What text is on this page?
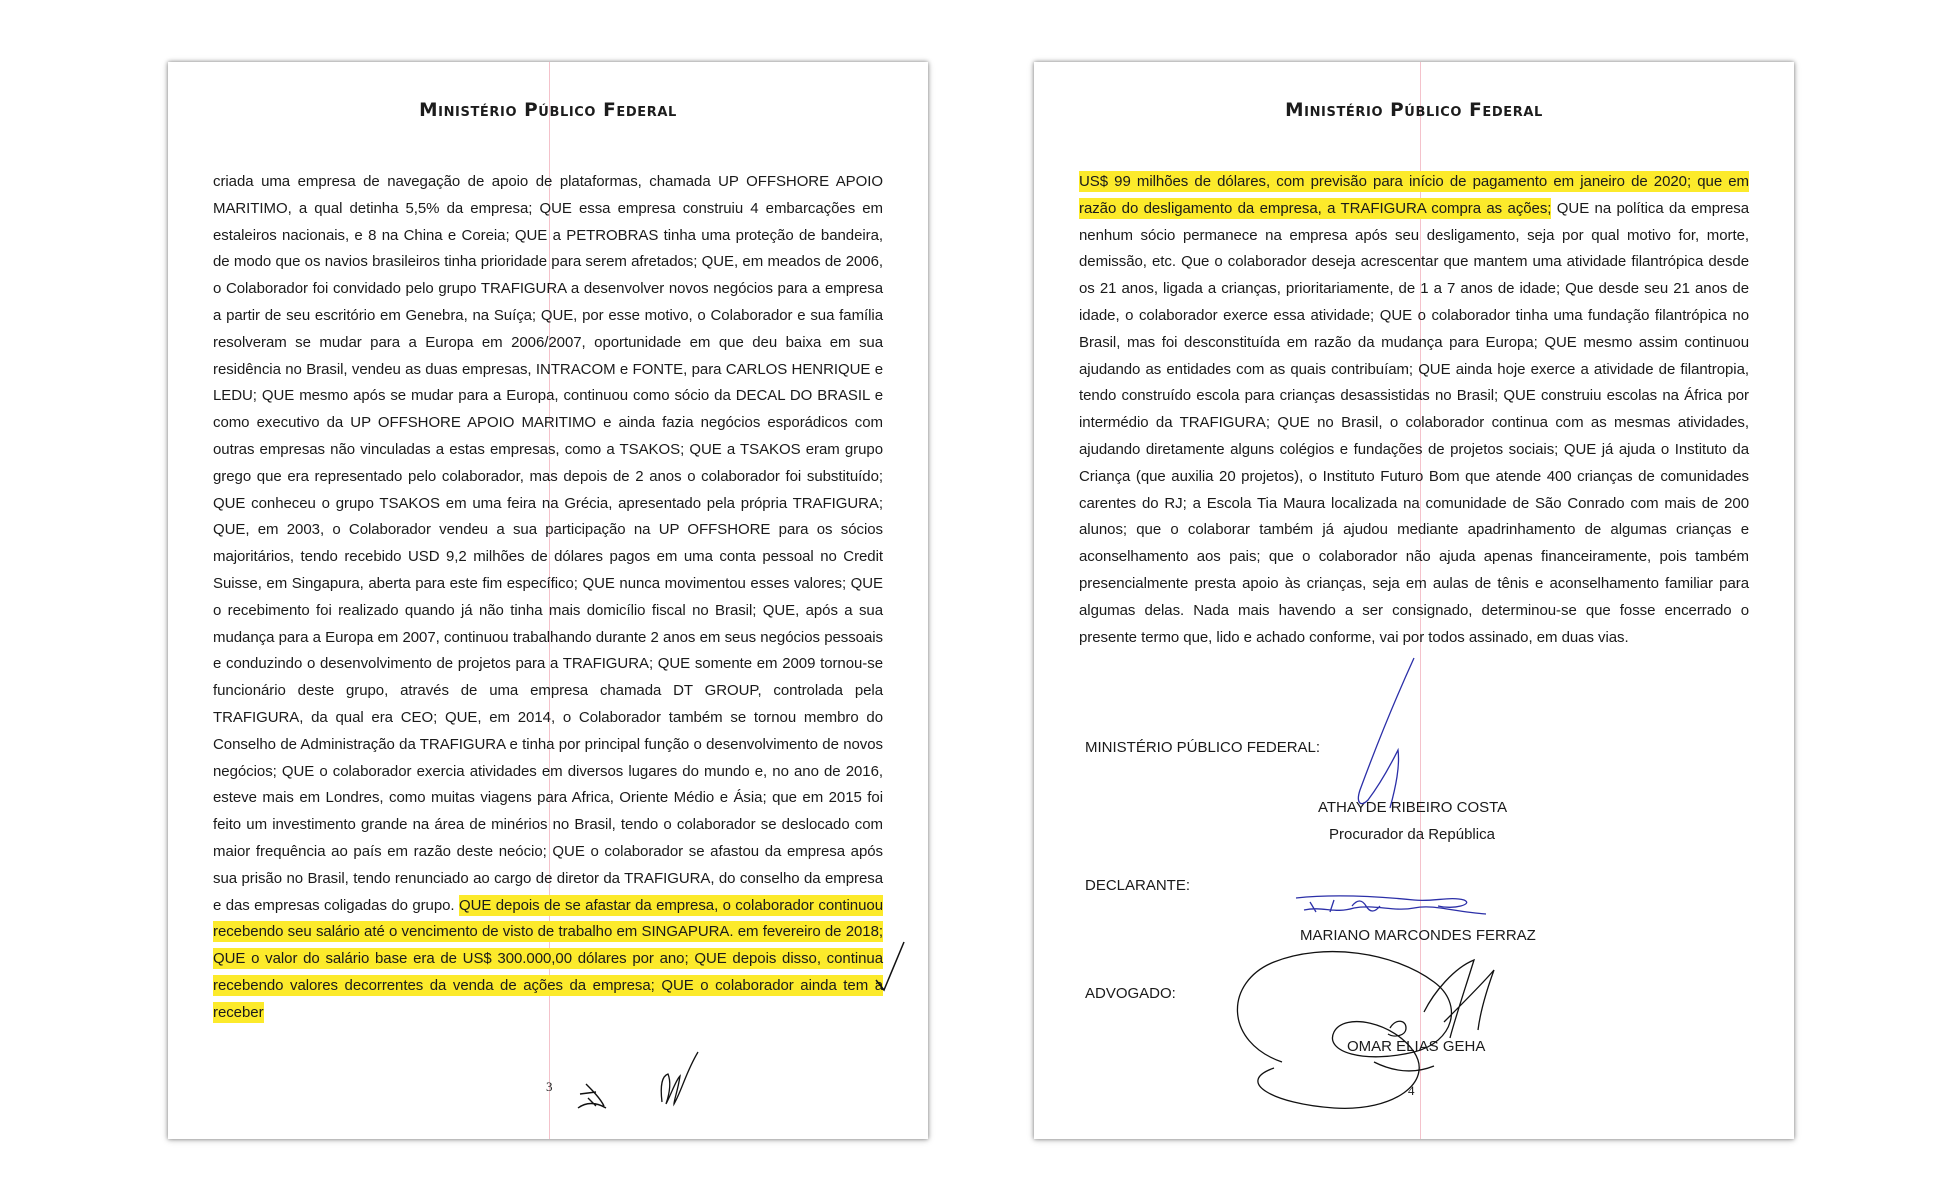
Ministério Público Federal

criada uma empresa de navegação de apoio de plataformas, chamada UP OFFSHORE APOIO MARITIMO, a qual detinha 5,5% da empresa; QUE essa empresa construiu 4 embarcações em estaleiros nacionais, e 8 na China e Coreia; QUE a PETROBRAS tinha uma proteção de bandeira, de modo que os navios brasileiros tinha prioridade para serem afretados; QUE, em meados de 2006, o Colaborador foi convidado pelo grupo TRAFIGURA a desenvolver novos negócios para a empresa a partir de seu escritório em Genebra, na Suíça; QUE, por esse motivo, o Colaborador e sua família resolveram se mudar para a Europa em 2006/2007, oportunidade em que deu baixa em sua residência no Brasil, vendeu as duas empresas, INTRACOM e FONTE, para CARLOS HENRIQUE e LEDU; QUE mesmo após se mudar para a Europa, continuou como sócio da DECAL DO BRASIL e como executivo da UP OFFSHORE APOIO MARITIMO e ainda fazia negócios esporádicos com outras empresas não vinculadas a estas empresas, como a TSAKOS; QUE a TSAKOS eram grupo grego que era representado pelo colaborador, mas depois de 2 anos o colaborador foi substituído; QUE conheceu o grupo TSAKOS em uma feira na Grécia, apresentado pela própria TRAFIGURA; QUE, em 2003, o Colaborador vendeu a sua participação na UP OFFSHORE para os sócios majoritários, tendo recebido USD 9,2 milhões de dólares pagos em uma conta pessoal no Credit Suisse, em Singapura, aberta para este fim específico; QUE nunca movimentou esses valores; QUE o recebimento foi realizado quando já não tinha mais domicílio fiscal no Brasil; QUE, após a sua mudança para a Europa em 2007, continuou trabalhando durante 2 anos em seus negócios pessoais e conduzindo o desenvolvimento de projetos para a TRAFIGURA; QUE somente em 2009 tornou-se funcionário deste grupo, através de uma empresa chamada DT GROUP, controlada pela TRAFIGURA, da qual era CEO; QUE, em 2014, o Colaborador também se tornou membro do Conselho de Administração da TRAFIGURA e tinha por principal função o desenvolvimento de novos negócios; QUE o colaborador exercia atividades em diversos lugares do mundo e, no ano de 2016, esteve mais em Londres, como muitas viagens para Africa, Oriente Médio e Ásia; que em 2015 foi feito um investimento grande na área de minérios no Brasil, tendo o colaborador se deslocado com maior frequência ao país em razão deste neócio; QUE o colaborador se afastou da empresa após sua prisão no Brasil, tendo renunciado ao cargo de diretor da TRAFIGURA, do conselho da empresa e das empresas coligadas do grupo. QUE depois de se afastar da empresa, o colaborador continuou recebendo seu salário até o vencimento de visto de trabalho em SINGAPURA. em fevereiro de 2018; QUE o valor do salário base era de US$ 300.000,00 dólares por ano; QUE depois disso, continua recebendo valores decorrentes da venda de ações da empresa; QUE o colaborador ainda tem a receber

3
Ministério Público Federal

US$ 99 milhões de dólares, com previsão para início de pagamento em janeiro de 2020; que em razão do desligamento da empresa, a TRAFIGURA compra as ações; QUE na política da empresa nenhum sócio permanece na empresa após seu desligamento, seja por qual motivo for, morte, demissão, etc. Que o colaborador deseja acrescentar que mantem uma atividade filantrópica desde os 21 anos, ligada a crianças, prioritariamente, de 1 a 7 anos de idade; Que desde seu 21 anos de idade, o colaborador exerce essa atividade; QUE o colaborador tinha uma fundação filantrópica no Brasil, mas foi desconstituída em razão da mudança para Europa; QUE mesmo assim continuou ajudando as entidades com as quais contribuíam; QUE ainda hoje exerce a atividade de filantropia, tendo construído escola para crianças desassistidas no Brasil; QUE construiu escolas na África por intermédio da TRAFIGURA; QUE no Brasil, o colaborador continua com as mesmas atividades, ajudando diretamente alguns colégios e fundações de projetos sociais; QUE já ajuda o Instituto da Criança (que auxilia 20 projetos), o Instituto Futuro Bom que atende 400 crianças de comunidades carentes do RJ; a Escola Tia Maura localizada na comunidade de São Conrado com mais de 200 alunos; que o colaborar também já ajudou mediante apadrinhamento de algumas crianças e aconselhamento aos pais; que o colaborador não ajuda apenas financeiramente, pois também presencialmente presta apoio às crianças, seja em aulas de tênis e aconselhamento familiar para algumas delas. Nada mais havendo a ser consignado, determinou-se que fosse encerrado o presente termo que, lido e achado conforme, vai por todos assinado, em duas vias.

MINISTÉRIO PÚBLICO FEDERAL:
ATHAYDE RIBEIRO COSTA
Procurador da República
DECLARANTE:
MARIANO MARCONDES FERRAZ
ADVOGADO:
OMAR ELIAS GEHA
4
